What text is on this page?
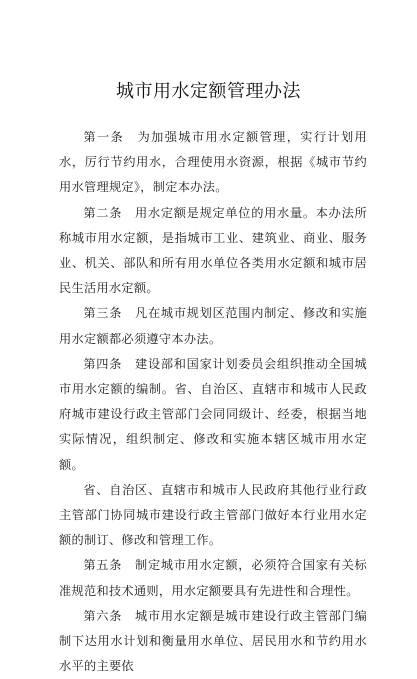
城市用水定额管理办法

第一条　为加强城市用水定额管理，实行计划用水，厉行节约用水，合理使用水资源，根据《城市节约用水管理规定》，制定本办法。

第二条　用水定额是规定单位的用水量。本办法所称城市用水定额，是指城市工业、建筑业、商业、服务业、机关、部队和所有用水单位各类用水定额和城市居民生活用水定额。

第三条　凡在城市规划区范围内制定、修改和实施用水定额都必须遵守本办法。

第四条　建设部和国家计划委员会组织推动全国城市用水定额的编制。省、自治区、直辖市和城市人民政府城市建设行政主管部门会同同级计、经委，根据当地实际情况，组织制定、修改和实施本辖区城市用水定额。

省、自治区、直辖市和城市人民政府其他行业行政主管部门协同城市建设行政主管部门做好本行业用水定额的制订、修改和管理工作。

第五条　制定城市用水定额，必须符合国家有关标准规范和技术通则，用水定额要具有先进性和合理性。

第六条　城市用水定额是城市建设行政主管部门编制下达用水计划和衡量用水单位、居民用水和节约用水水平的主要依
